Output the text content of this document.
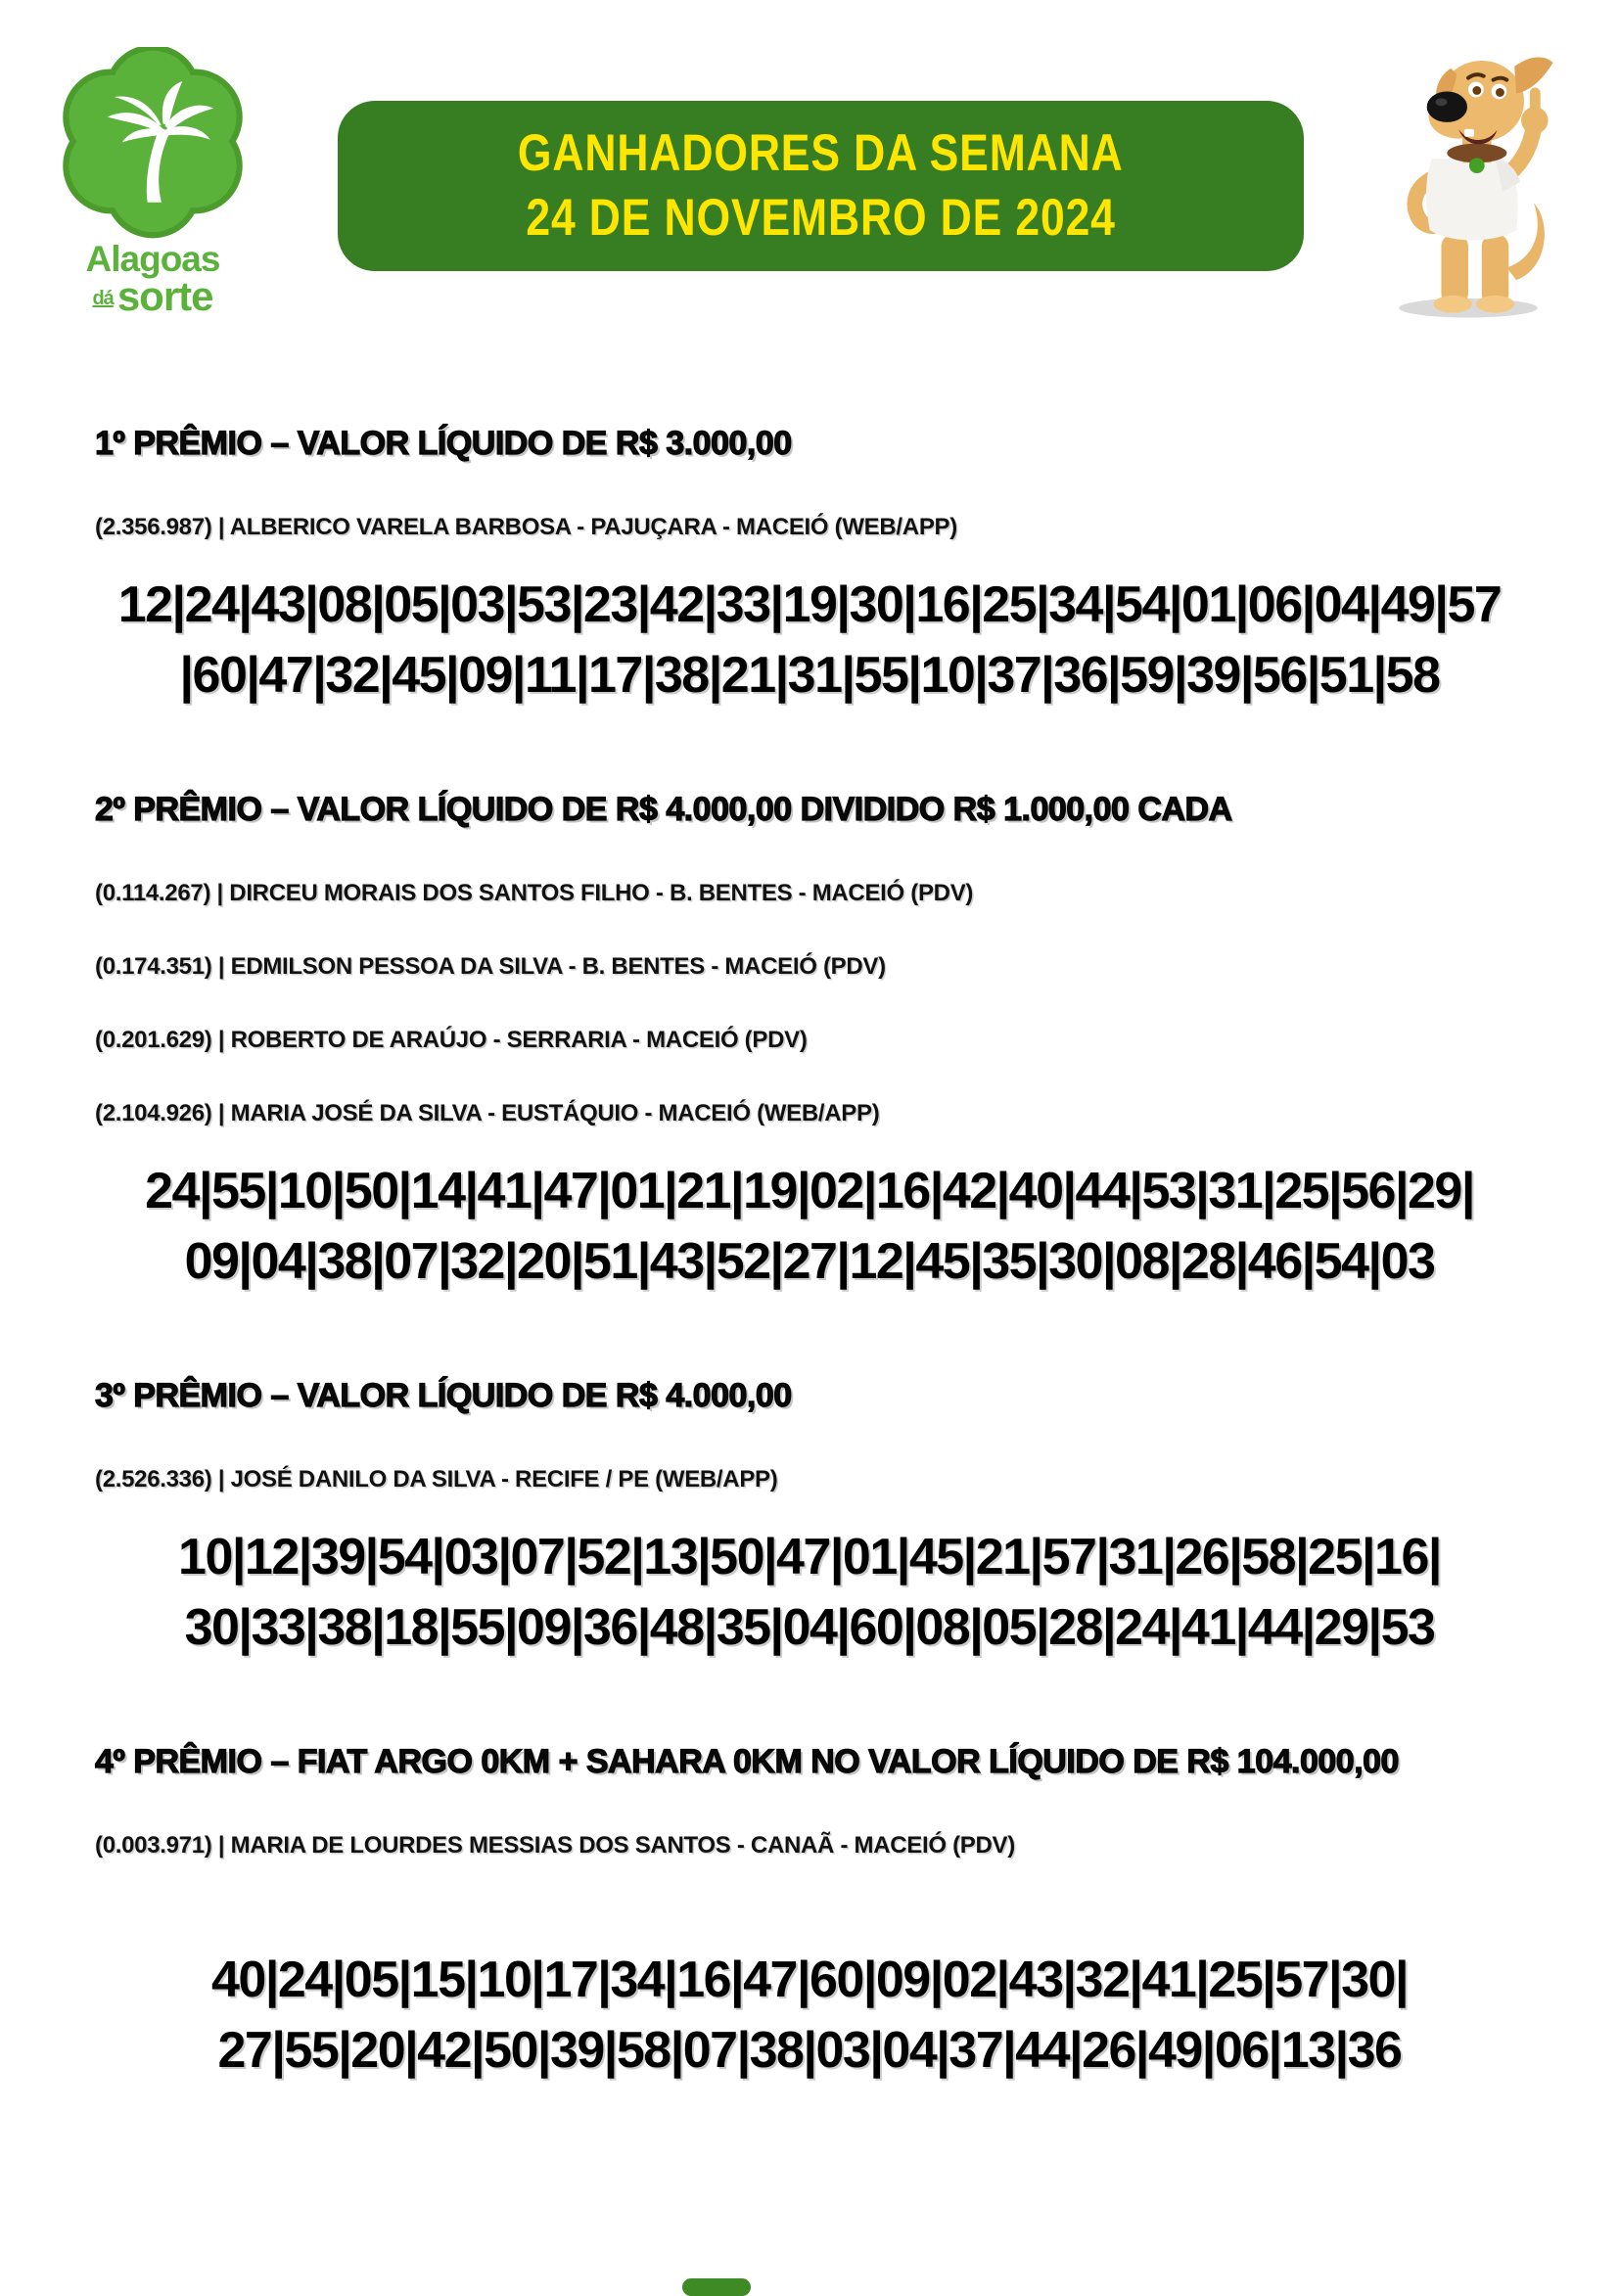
Alagoas
dásorte
GANHADORES DA SEMANA
24 DE NOVEMBRO DE 2024
1º PRÊMIO – VALOR LÍQUIDO DE R$ 3.000,00

(2.356.987) | ALBERICO VARELA BARBOSA - PAJUÇARA - MACEIÓ (WEB/APP)

12|24|43|08|05|03|53|23|42|33|19|30|16|25|34|54|01|06|04|49|57
|60|47|32|45|09|11|17|38|21|31|55|10|37|36|59|39|56|51|58
2º PRÊMIO – VALOR LÍQUIDO DE R$ 4.000,00 DIVIDIDO R$ 1.000,00 CADA

(0.114.267) | DIRCEU MORAIS DOS SANTOS FILHO - B. BENTES - MACEIÓ (PDV)

(0.174.351) | EDMILSON PESSOA DA SILVA - B. BENTES - MACEIÓ (PDV)

(0.201.629) | ROBERTO DE ARAÚJO - SERRARIA - MACEIÓ (PDV)

(2.104.926) | MARIA JOSÉ DA SILVA - EUSTÁQUIO - MACEIÓ (WEB/APP)

24|55|10|50|14|41|47|01|21|19|02|16|42|40|44|53|31|25|56|29|
09|04|38|07|32|20|51|43|52|27|12|45|35|30|08|28|46|54|03
3º PRÊMIO – VALOR LÍQUIDO DE R$ 4.000,00

(2.526.336) | JOSÉ DANILO DA SILVA - RECIFE / PE (WEB/APP)

10|12|39|54|03|07|52|13|50|47|01|45|21|57|31|26|58|25|16|
30|33|38|18|55|09|36|48|35|04|60|08|05|28|24|41|44|29|53
4º PRÊMIO – FIAT ARGO 0KM + SAHARA 0KM NO VALOR LÍQUIDO DE R$ 104.000,00

(0.003.971) | MARIA DE LOURDES MESSIAS DOS SANTOS - CANAÃ - MACEIÓ (PDV)

40|24|05|15|10|17|34|16|47|60|09|02|43|32|41|25|57|30|
27|55|20|42|50|39|58|07|38|03|04|37|44|26|49|06|13|36
